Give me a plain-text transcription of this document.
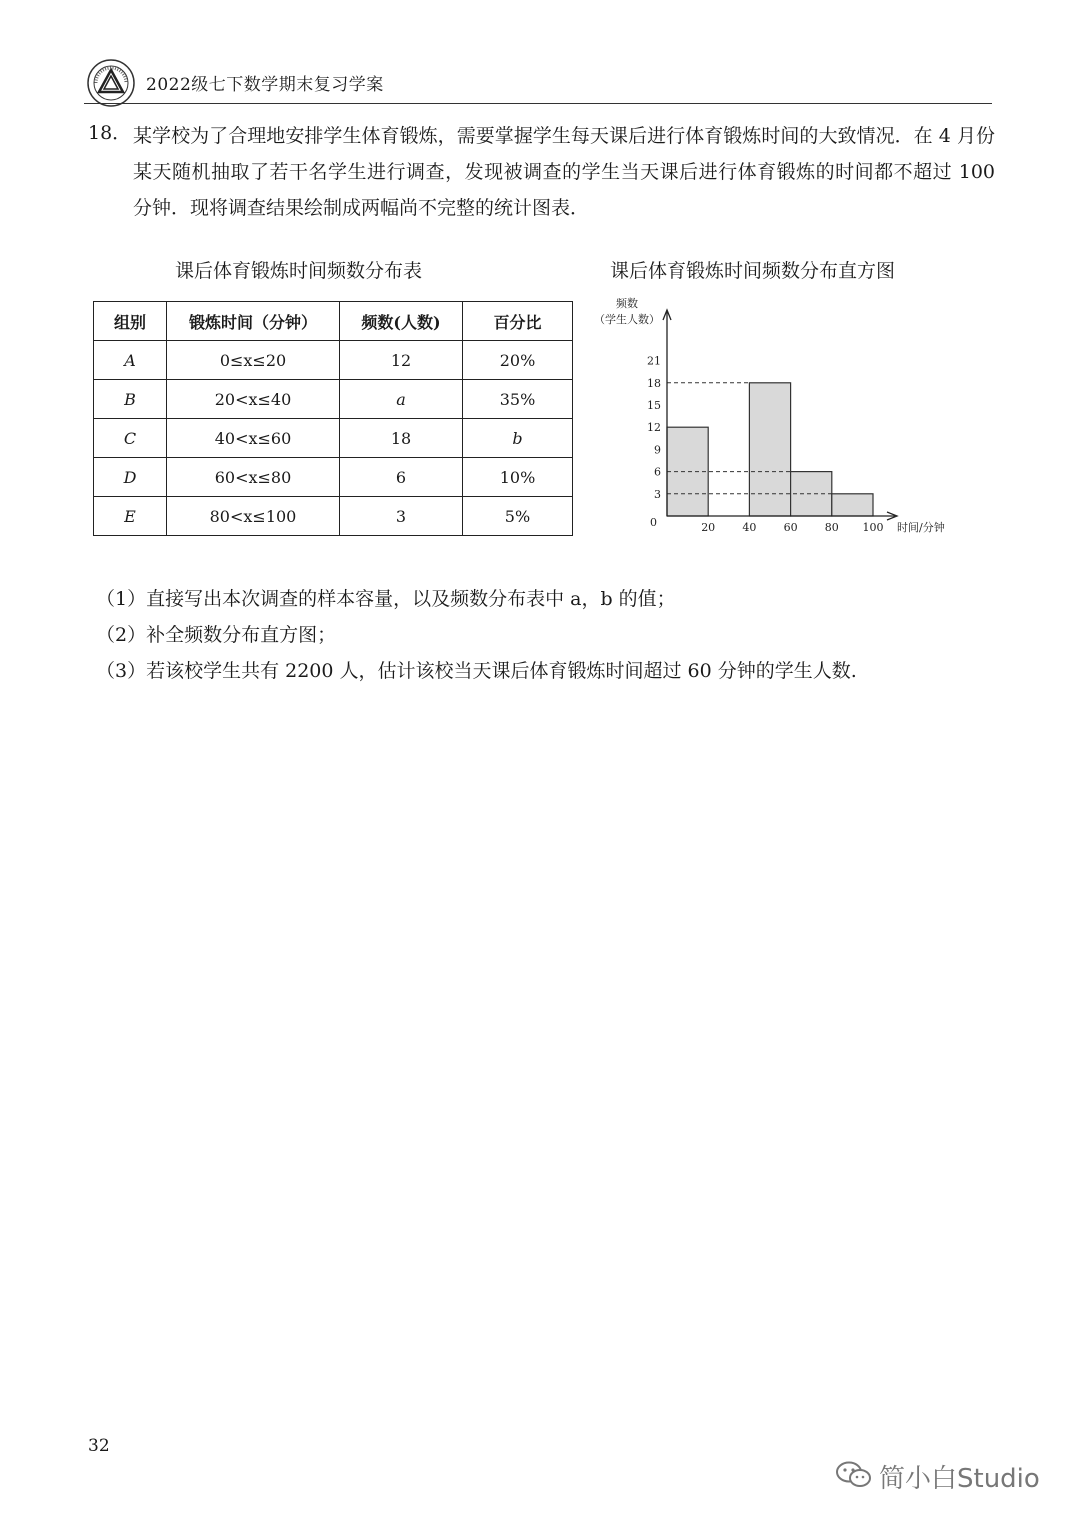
2022级七下数学期末复习学案
18． 某学校为了合理地安排学生体育锻炼，需要掌握学生每天课后进行体育锻炼时间的大致情况．在 4 月份某天随机抽取了若干名学生进行调查，发现被调查的学生当天课后进行体育锻炼的时间都不超过 100 分钟．现将调查结果绘制成两幅尚不完整的统计图表．
课后体育锻炼时间频数分布表	课后体育锻炼时间频数分布直方图
组别	锻炼时间（分钟）	频数(人数)	百分比
A	0≤x≤20	12	20%
B	20<x≤40	a	35%
C	40<x≤60	18	b
D	60<x≤80	6	10%
E	80<x≤100	3	5%
3
6
9
12
15
18
21
0	20 40 60 80 100
频数
（学生人数）
时间/分钟
（1）直接写出本次调查的样本容量，以及频数分布表中 a，b 的值；
（2）补全频数分布直方图；
（3）若该校学生共有 2200 人，估计该校当天课后体育锻炼时间超过 60 分钟的学生人数.
32
简小白Studio
